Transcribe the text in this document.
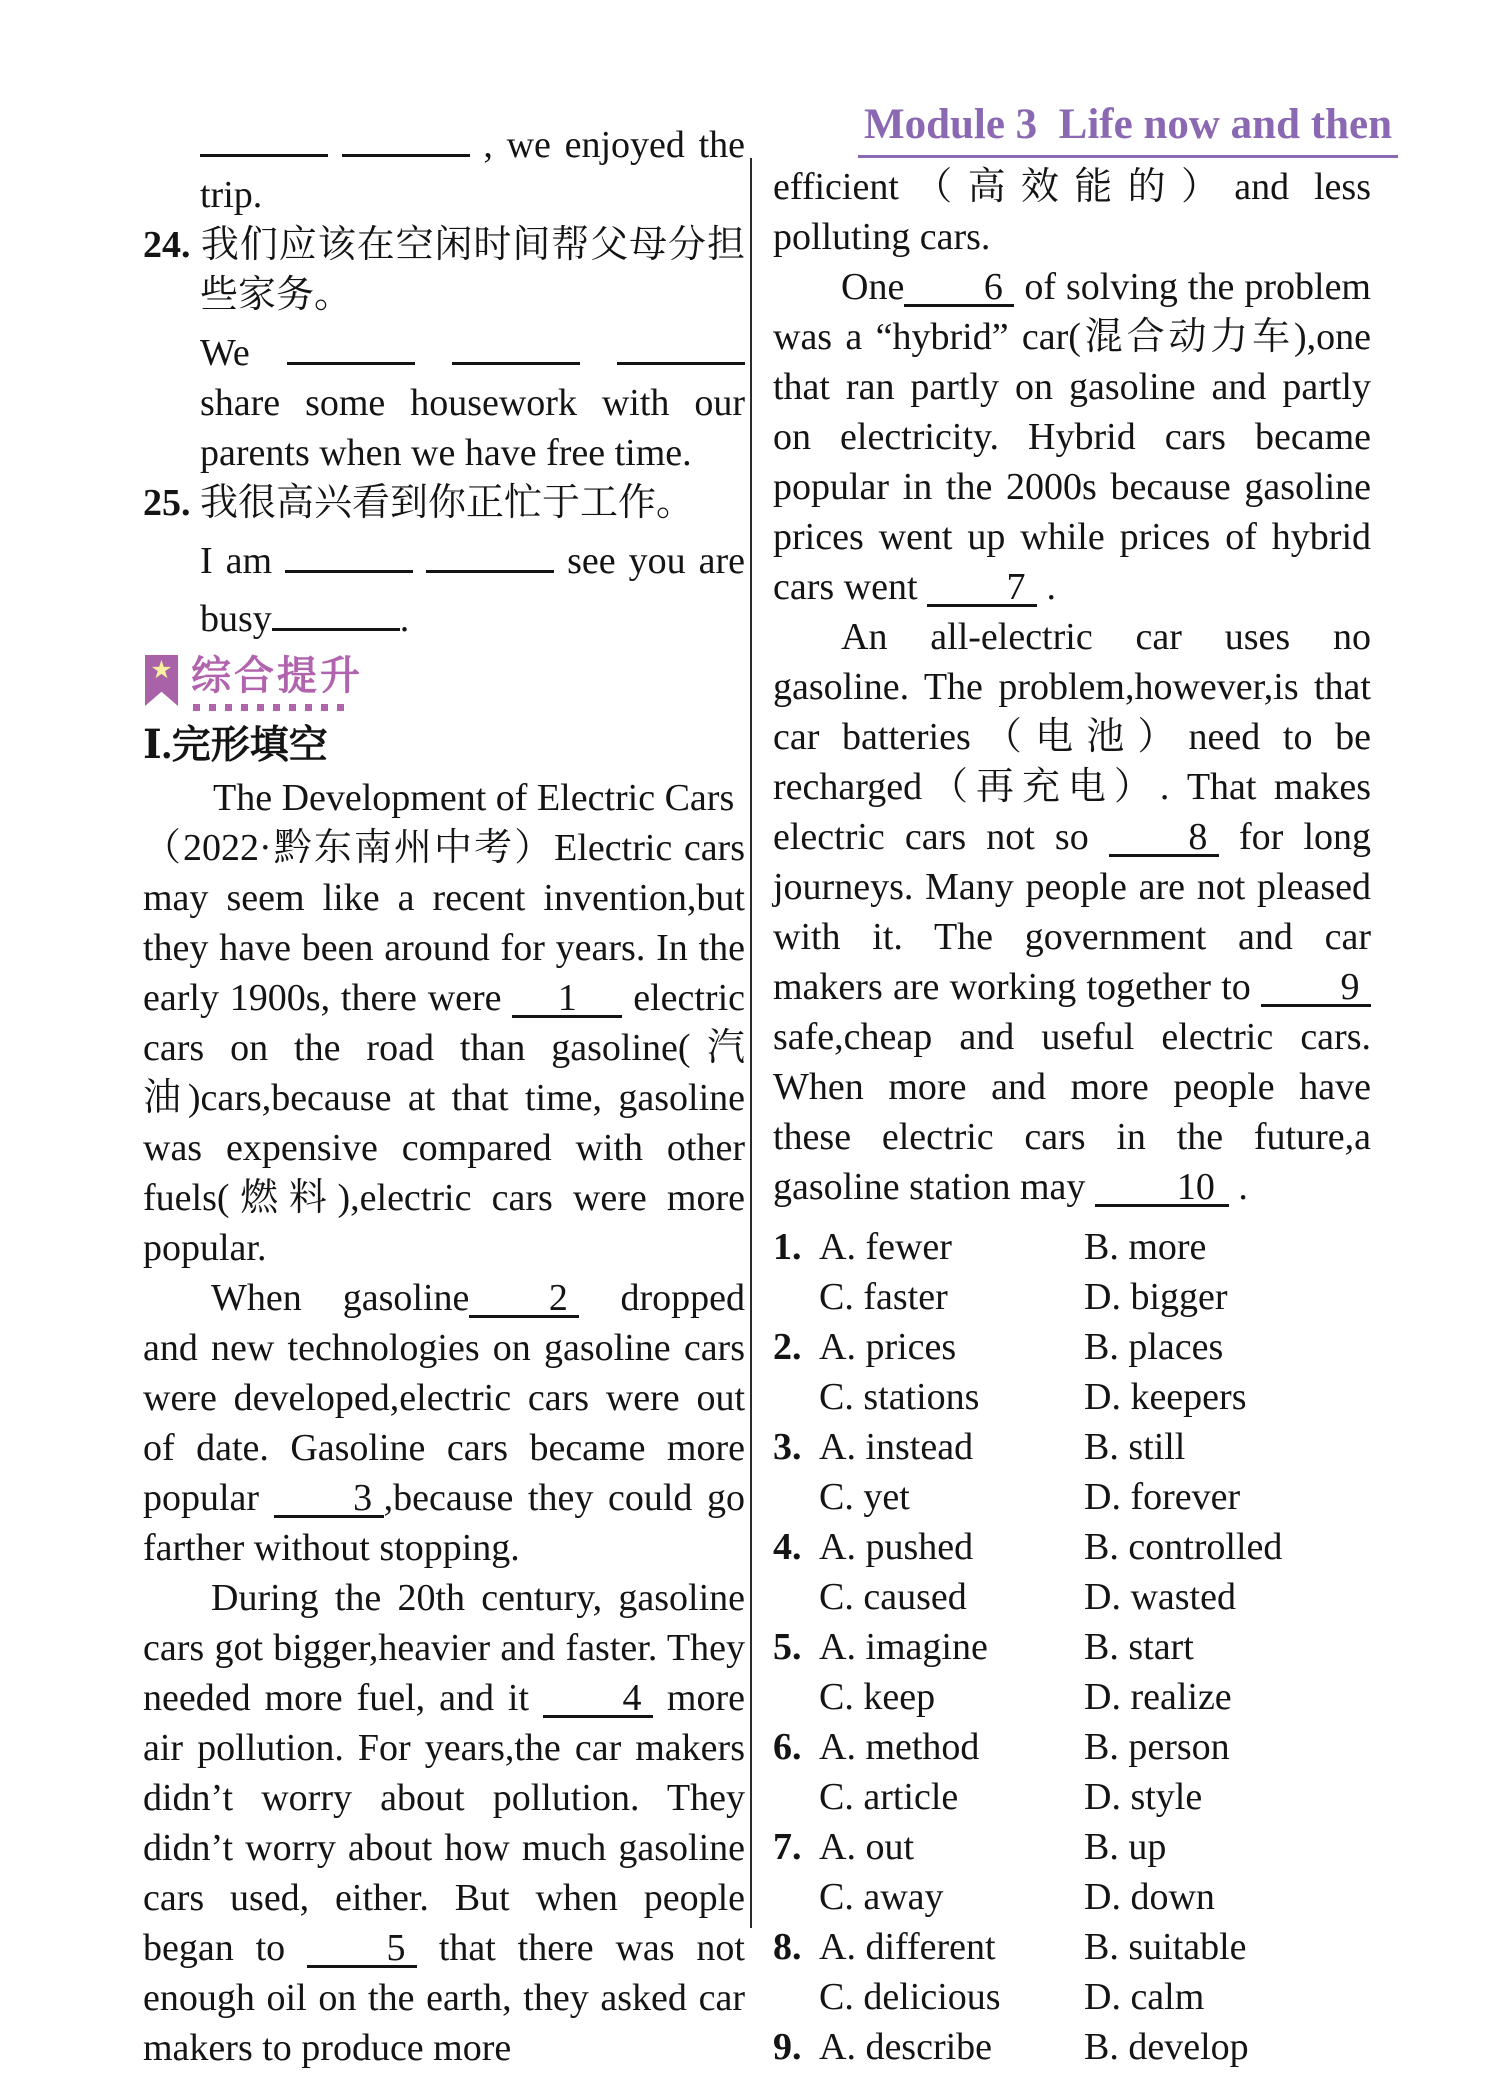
Module 3  Life now and then
, we enjoyed the trip.

24. 我们应该在空闲时间帮父母分担些家务。

We    share some housework with our parents when we have free time.

25. 我很高兴看到你正忙于工作。

I am	see you are busy	.

★ 综合提升
Ⅰ.完形填空

The Development of Electric Cars

（2022·黔东南州中考）Electric cars may seem like a recent invention,but they have been around for years. In the early 1900s, there were 1 electric cars on the road than gasoline(汽油)cars,because at that time, gasoline was expensive compared with other fuels(燃料),electric cars were more popular.

When gasoline 2 dropped and new technologies on gasoline cars were developed,electric cars were out of date. Gasoline cars became more popular 3 ,because they could go farther without stopping.

During the 20th century, gasoline cars got bigger,heavier and faster. They needed more fuel, and it 4 more air pollution. For years,the car makers didn’t worry about pollution. They didn’t worry about how much gasoline cars used, either. But when people began to 5 that there was not enough oil on the earth, they asked car makers to produce more

efficient（高效能的）and less polluting cars.

One 6 of solving the problem was a “hybrid” car(混合动力车),one that ran partly on gasoline and partly on electricity. Hybrid cars became popular in the 2000s because gasoline prices went up while prices of hybrid cars went 7 .

An all-electric car uses no gasoline. The problem,however,is that car batteries（电池）need to be recharged（再充电）. That makes electric cars not so 8 for long journeys. Many people are not pleased with it. The government and car makers are working together to 9 safe,cheap and useful electric cars. When more and more people have these electric cars in the future,a gasoline station may 10 .

1. A. fewer	B. more
C. faster	D. bigger
2. A. prices	B. places
C. stations	D. keepers
3. A. instead	B. still
C. yet	D. forever
4. A. pushed	B. controlled
C. caused	D. wasted
5. A. imagine	B. start
C. keep	D. realize
6. A. method	B. person
C. article	D. style
7. A. out	B. up
C. away	D. down
8. A. different	B. suitable
C. delicious	D. calm
9. A. describe	B. develop
